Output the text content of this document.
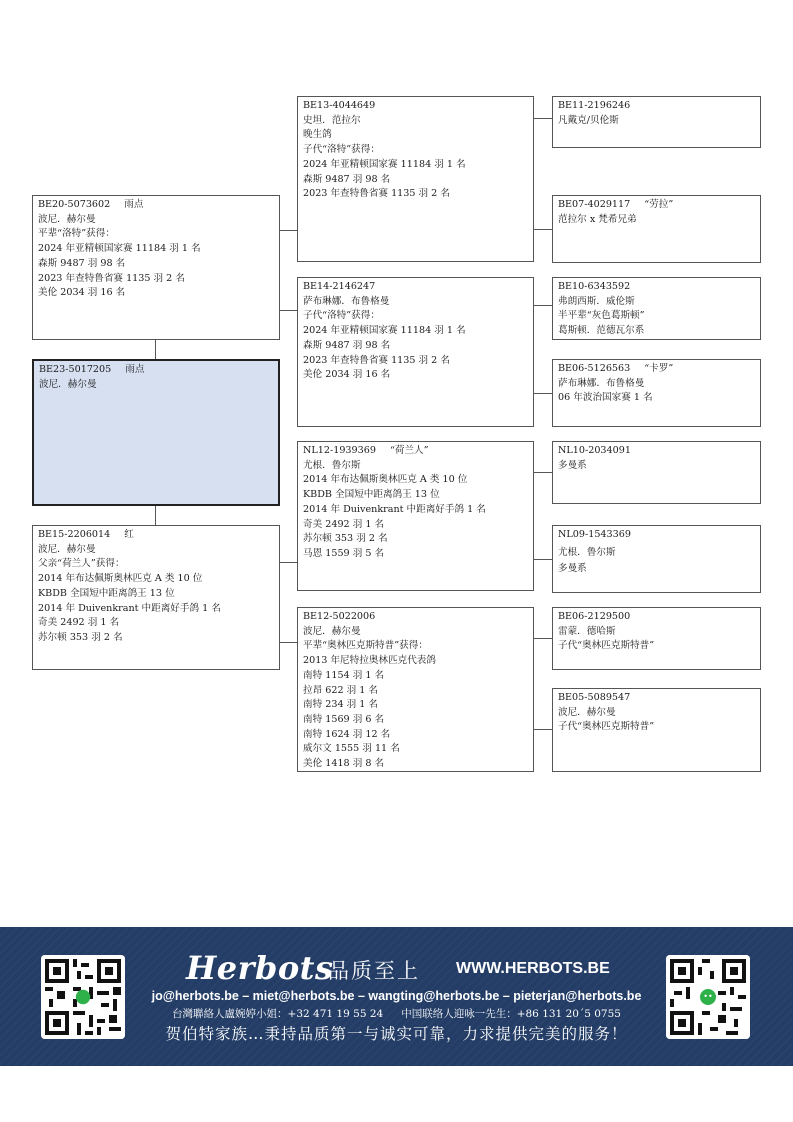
BE23-5017205 雨点
波尼．赫尔曼
BE20-5073602 雨点
波尼．赫尔曼
平辈“洛特”获得：
2024 年亚精顿国家赛 11184 羽 1 名
森斯 9487 羽 98 名
2023 年查特鲁省赛 1135 羽 2 名
美伦 2034 羽 16 名
BE15-2206014 红
波尼．赫尔曼
父亲“荷兰人”获得：
2014 年布达佩斯奥林匹克 A 类 10 位
KBDB 全国短中距离鸽王 13 位
2014 年 Duivenkrant 中距离好手鸽 1 名
奇美 2492 羽 1 名
苏尔顿 353 羽 2 名
BE13-4044649
史坦．范拉尔
晚生鸽
子代“洛特”获得：
2024 年亚精顿国家赛 11184 羽 1 名
森斯 9487 羽 98 名
2023 年查特鲁省赛 1135 羽 2 名
BE14-2146247
萨布琳娜．布鲁格曼
子代“洛特”获得：
2024 年亚精顿国家赛 11184 羽 1 名
森斯 9487 羽 98 名
2023 年查特鲁省赛 1135 羽 2 名
美伦 2034 羽 16 名
NL12-1939369 “荷兰人”
尤根．鲁尔斯
2014 年布达佩斯奥林匹克 A 类 10 位
KBDB 全国短中距离鸽王 13 位
2014 年 Duivenkrant 中距离好手鸽 1 名
奇美 2492 羽 1 名
苏尔顿 353 羽 2 名
马恩 1559 羽 5 名
BE12-5022006
波尼．赫尔曼
平辈“奥林匹克斯特普”获得：
2013 年尼特拉奥林匹克代表鸽
南特 1154 羽 1 名
拉昂 622 羽 1 名
南特 234 羽 1 名
南特 1569 羽 6 名
南特 1624 羽 12 名
威尔文 1555 羽 11 名
美伦 1418 羽 8 名
BE11-2196246
凡戴克/贝伦斯
BE07-4029117 “劳拉”
范拉尔 x 梵希兄弟
BE10-6343592
弗朗西斯．威伦斯
半平辈“灰色葛斯顿”
葛斯顿．范德瓦尔系
BE06-5126563 “卡罗”
萨布琳娜．布鲁格曼
06 年波治国家赛 1 名
NL10-2034091
多曼系
NL09-1543369
尤根．鲁尔斯
多曼系
BE06-2129500
雷蒙．德哈斯
子代“奥林匹克斯特普”
BE05-5089547
波尼．赫尔曼
子代“奥林匹克斯特普”
Herbots
品质至上 WWW.HERBOTS.BE
jo@herbots.be – miet@herbots.be – wangting@herbots.be – pieterjan@herbots.be
台灣聯絡人盧婉婷小姐：+32 471 19 55 24 中国联络人迎咏一先生：+86 131 20ˊ5 0755
贺伯特家族…秉持品质第一与诚实可靠，力求提供完美的服务！
